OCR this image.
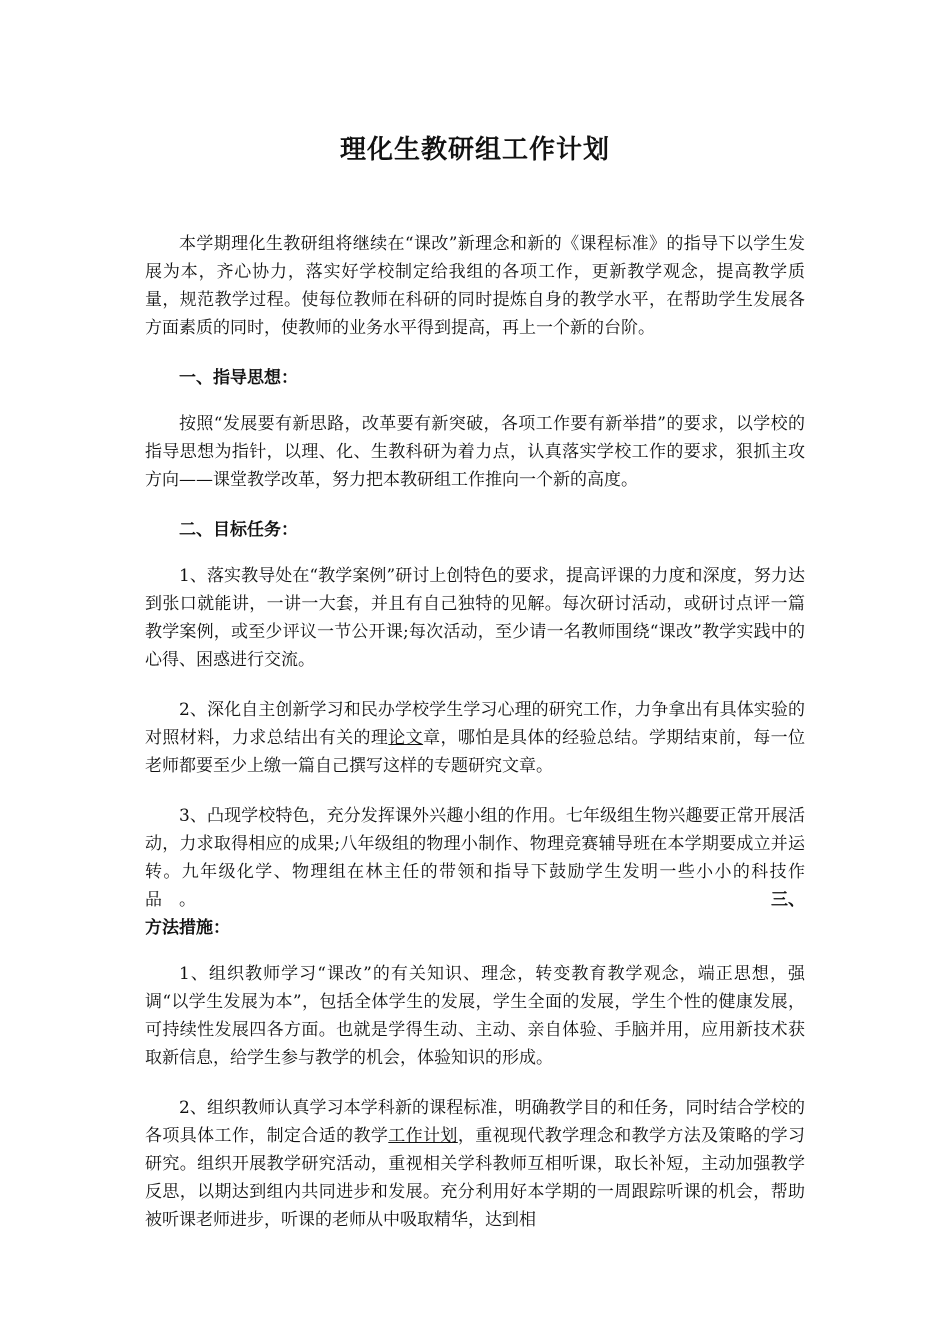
理化生教研组工作计划

本学期理化生教研组将继续在“课改”新理念和新的《课程标准》的指导下以学生发展为本，齐心协力，落实好学校制定给我组的各项工作，更新教学观念，提高教学质量，规范教学过程。使每位教师在科研的同时提炼自身的教学水平，在帮助学生发展各方面素质的同时，使教师的业务水平得到提高，再上一个新的台阶。

一、指导思想：

按照“发展要有新思路，改革要有新突破，各项工作要有新举措”的要求，以学校的指导思想为指针，以理、化、生教科研为着力点，认真落实学校工作的要求，狠抓主攻方向——课堂教学改革，努力把本教研组工作推向一个新的高度。

二、目标任务：

1、落实教导处在“教学案例”研讨上创特色的要求，提高评课的力度和深度，努力达到张口就能讲，一讲一大套，并且有自己独特的见解。每次研讨活动，或研讨点评一篇教学案例，或至少评议一节公开课;每次活动，至少请一名教师围绕“课改”教学实践中的心得、困惑进行交流。

2、深化自主创新学习和民办学校学生学习心理的研究工作，力争拿出有具体实验的对照材料，力求总结出有关的理论文章，哪怕是具体的经验总结。学期结束前，每一位老师都要至少上缴一篇自己撰写这样的专题研究文章。

3、凸现学校特色，充分发挥课外兴趣小组的作用。七年级组生物兴趣要正常开展活动，力求取得相应的成果;八年级组的物理小制作、物理竞赛辅导班在本学期要成立并运转。九年级化学、物理组在林主任的带领和指导下鼓励学生发明一些小小的科技作品　。	三、

方法措施：

1、组织教师学习“课改”的有关知识、理念，转变教育教学观念，端正思想，强调“以学生发展为本”，包括全体学生的发展，学生全面的发展，学生个性的健康发展，可持续性发展四各方面。也就是学得生动、主动、亲自体验、手脑并用，应用新技术获取新信息，给学生参与教学的机会，体验知识的形成。

2、组织教师认真学习本学科新的课程标准，明确教学目的和任务，同时结合学校的各项具体工作，制定合适的教学工作计划，重视现代教学理念和教学方法及策略的学习研究。组织开展教学研究活动，重视相关学科教师互相听课，取长补短，主动加强教学反思，以期达到组内共同进步和发展。充分利用好本学期的一周跟踪听课的机会，帮助被听课老师进步，听课的老师从中吸取精华，达到相
